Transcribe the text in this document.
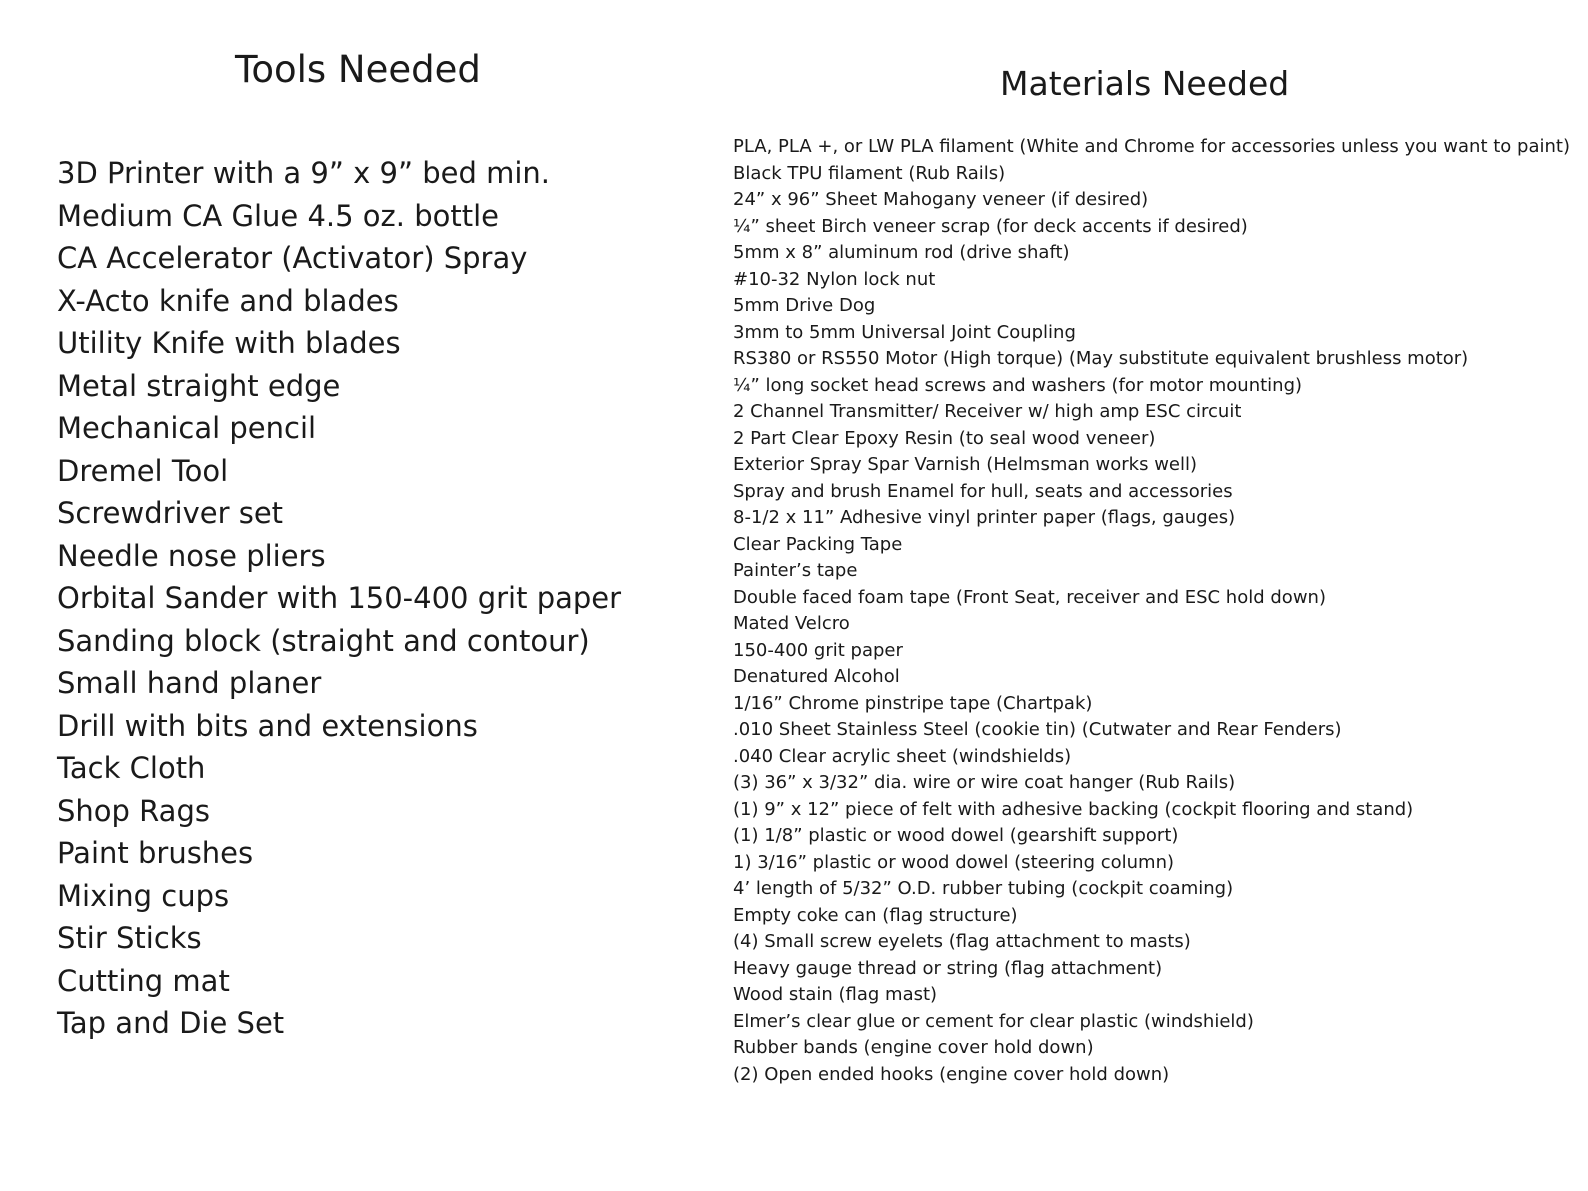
Tools Needed	Materials Needed
3D Printer with a 9” x 9” bed min.
Medium CA Glue 4.5 oz. bottle
CA Accelerator (Activator) Spray
X-Acto knife and blades
Utility Knife with blades
Metal straight edge
Mechanical pencil
Dremel Tool
Screwdriver set
Needle nose pliers
Orbital Sander with 150-400 grit paper
Sanding block (straight and contour)
Small hand planer
Drill with bits and extensions
Tack Cloth
Shop Rags
Paint brushes
Mixing cups
Stir Sticks
Cutting mat
Tap and Die Set
PLA, PLA +, or LW PLA filament (White and Chrome for accessories unless you want to paint)
Black TPU filament (Rub Rails)
24” x 96” Sheet Mahogany veneer (if desired)
¼” sheet Birch veneer scrap (for deck accents if desired)
5mm x 8” aluminum rod (drive shaft)
#10-32 Nylon lock nut
5mm Drive Dog
3mm to 5mm Universal Joint Coupling
RS380 or RS550 Motor (High torque) (May substitute equivalent brushless motor)
¼” long socket head screws and washers (for motor mounting)
2 Channel Transmitter/ Receiver w/ high amp ESC circuit
2 Part Clear Epoxy Resin (to seal wood veneer)
Exterior Spray Spar Varnish (Helmsman works well)
Spray and brush Enamel for hull, seats and accessories
8-1/2 x 11” Adhesive vinyl printer paper (flags, gauges)
Clear Packing Tape
Painter’s tape
Double faced foam tape (Front Seat, receiver and ESC hold down)
Mated Velcro
150-400 grit paper
Denatured Alcohol
1/16” Chrome pinstripe tape (Chartpak)
.010 Sheet Stainless Steel (cookie tin) (Cutwater and Rear Fenders)
.040 Clear acrylic sheet (windshields)
(3) 36” x 3/32” dia. wire or wire coat hanger (Rub Rails)
(1) 9” x 12” piece of felt with adhesive backing (cockpit flooring and stand)
(1) 1/8” plastic or wood dowel (gearshift support)
1) 3/16” plastic or wood dowel (steering column)
4’ length of 5/32” O.D. rubber tubing (cockpit coaming)
Empty coke can (flag structure)
(4) Small screw eyelets (flag attachment to masts)
Heavy gauge thread or string (flag attachment)
Wood stain (flag mast)
Elmer’s clear glue or cement for clear plastic (windshield)
Rubber bands (engine cover hold down)
(2) Open ended hooks (engine cover hold down)
